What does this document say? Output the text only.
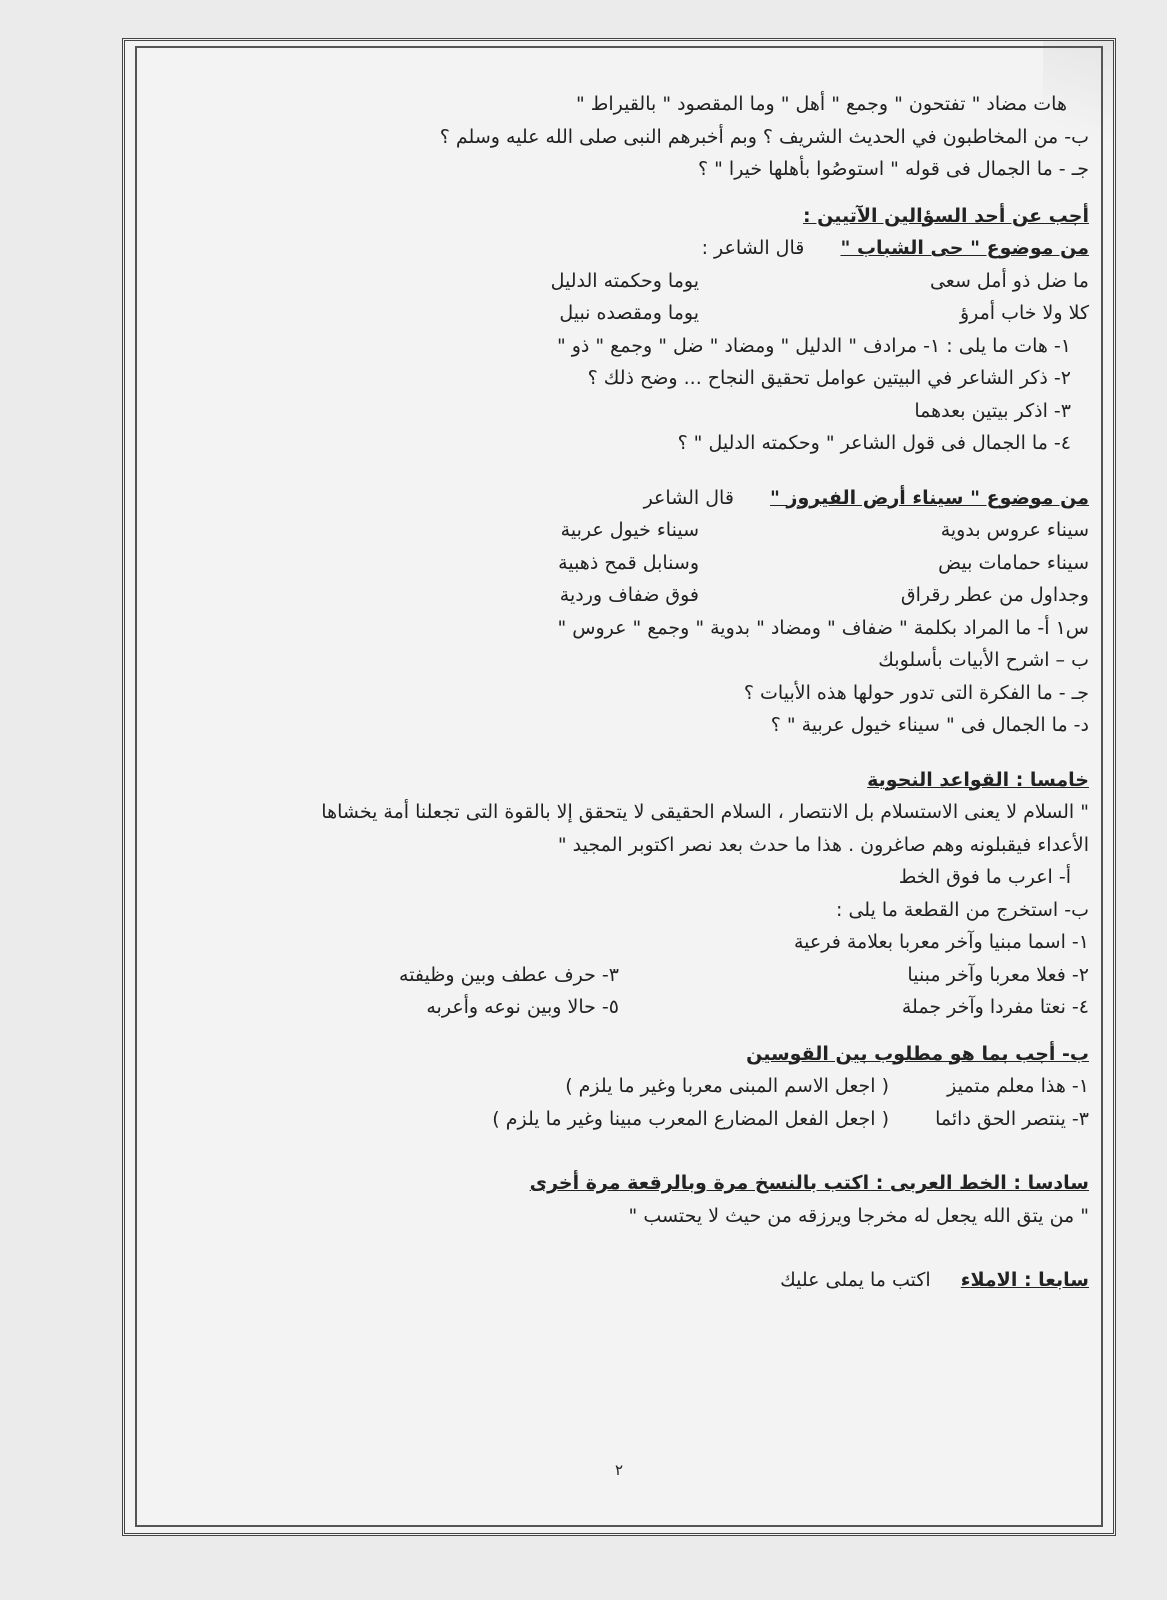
هات مضاد " تفتحون " وجمع " أهل " وما المقصود " بالقيراط "
ب- من المخاطبون في الحديث الشريف ؟ وبم أخبرهم النبى صلى الله عليه وسلم ؟
جـ - ما الجمال فى قوله " استوصُوا بأهلها خيرا " ؟
أجب عن أحد السؤالين الآتيين :
من موضوع " حى الشباب "  قال الشاعر :
ما ضل ذو أمل سعىيوما وحكمته الدليل
كلا ولا خاب أمرؤيوما ومقصده نبيل
١- هات ما يلى : ١- مرادف " الدليل " ومضاد " ضل " وجمع " ذو "
٢- ذكر الشاعر في البيتين عوامل تحقيق النجاح ... وضح ذلك ؟
٣- اذكر بيتين بعدهما
٤- ما الجمال فى قول الشاعر " وحكمته الدليل " ؟
من موضوع " سيناء أرض الفيروز "  قال الشاعر
سيناء عروس بدويةسيناء خيول عربية
سيناء حمامات بيضوسنابل قمح ذهبية
وجداول من عطر رقراقفوق ضفاف وردية
س١ أ- ما المراد بكلمة " ضفاف " ومضاد " بدوية " وجمع " عروس "
ب – اشرح الأبيات بأسلوبك
جـ - ما الفكرة التى تدور حولها هذه الأبيات ؟
د- ما الجمال فى " سيناء خيول عربية " ؟
خامسا : القواعد النحوية
" السلام لا يعنى الاستسلام بل الانتصار ، السلام الحقيقى لا يتحقق إلا بالقوة التى تجعلنا أمة يخشاها
الأعداء فيقبلونه وهم صاغرون . هذا ما حدث بعد نصر اكتوبر المجيد "
أ- اعرب ما فوق الخط
ب- استخرج من القطعة ما يلى :
١- اسما مبنيا وآخر معربا بعلامة فرعية
٢- فعلا معربا وآخر مبنيا٣- حرف عطف وبين وظيفته
٤- نعتا مفردا وآخر جملة٥- حالا وبين نوعه وأعربه
ب- أجب بما هو مطلوب بين القوسين
١- هذا معلم متميز( اجعل الاسم المبنى معربا وغير ما يلزم )
٣- ينتصر الحق دائما( اجعل الفعل المضارع المعرب مبينا وغير ما يلزم )
سادسا : الخط العربى : اكتب بالنسخ مرة وبالرقعة مرة أخرى
" من يتق الله يجعل له مخرجا ويرزقه من حيث لا يحتسب "
سابعا : الاملاء  اكتب ما يملى عليك
٢
